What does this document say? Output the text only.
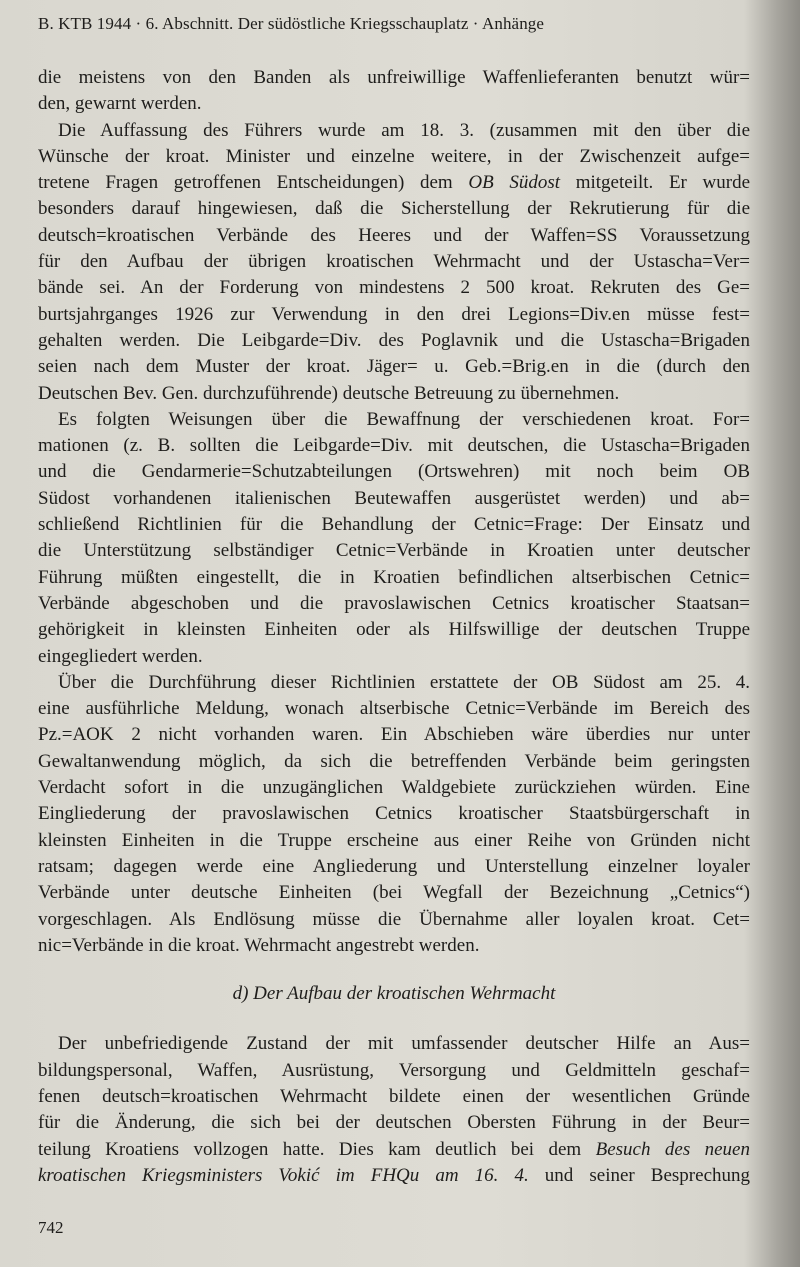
B. KTB 1944 · 6. Abschnitt. Der südöstliche Kriegsschauplatz · Anhänge
die meistens von den Banden als unfreiwillige Waffenlieferanten benutzt wür=
den, gewarnt werden.
Die Auffassung des Führers wurde am 18. 3. (zusammen mit den über die
Wünsche der kroat. Minister und einzelne weitere, in der Zwischenzeit aufge=
tretene Fragen getroffenen Entscheidungen) dem OB Südost mitgeteilt. Er wurde
besonders darauf hingewiesen, daß die Sicherstellung der Rekrutierung für die
deutsch=kroatischen Verbände des Heeres und der Waffen=SS Voraussetzung
für den Aufbau der übrigen kroatischen Wehrmacht und der Ustascha=Ver=
bände sei. An der Forderung von mindestens 2 500 kroat. Rekruten des Ge=
burtsjahrganges 1926 zur Verwendung in den drei Legions=Div.en müsse fest=
gehalten werden. Die Leibgarde=Div. des Poglavnik und die Ustascha=Brigaden
seien nach dem Muster der kroat. Jäger= u. Geb.=Brig.en in die (durch den
Deutschen Bev. Gen. durchzuführende) deutsche Betreuung zu übernehmen.
Es folgten Weisungen über die Bewaffnung der verschiedenen kroat. For=
mationen (z. B. sollten die Leibgarde=Div. mit deutschen, die Ustascha=Brigaden
und die Gendarmerie=Schutzabteilungen (Ortswehren) mit noch beim OB
Südost vorhandenen italienischen Beutewaffen ausgerüstet werden) und ab=
schließend Richtlinien für die Behandlung der Cetnic=Frage: Der Einsatz und
die Unterstützung selbständiger Cetnic=Verbände in Kroatien unter deutscher
Führung müßten eingestellt, die in Kroatien befindlichen altserbischen Cetnic=
Verbände abgeschoben und die pravoslawischen Cetnics kroatischer Staatsan=
gehörigkeit in kleinsten Einheiten oder als Hilfswillige der deutschen Truppe
eingegliedert werden.
Über die Durchführung dieser Richtlinien erstattete der OB Südost am 25. 4.
eine ausführliche Meldung, wonach altserbische Cetnic=Verbände im Bereich des
Pz.=AOK 2 nicht vorhanden waren. Ein Abschieben wäre überdies nur unter
Gewaltanwendung möglich, da sich die betreffenden Verbände beim geringsten
Verdacht sofort in die unzugänglichen Waldgebiete zurückziehen würden. Eine
Eingliederung der pravoslawischen Cetnics kroatischer Staatsbürgerschaft in
kleinsten Einheiten in die Truppe erscheine aus einer Reihe von Gründen nicht
ratsam; dagegen werde eine Angliederung und Unterstellung einzelner loyaler
Verbände unter deutsche Einheiten (bei Wegfall der Bezeichnung „Cetnics“)
vorgeschlagen. Als Endlösung müsse die Übernahme aller loyalen kroat. Cet=
nic=Verbände in die kroat. Wehrmacht angestrebt werden.
d) Der Aufbau der kroatischen Wehrmacht
Der unbefriedigende Zustand der mit umfassender deutscher Hilfe an Aus=
bildungspersonal, Waffen, Ausrüstung, Versorgung und Geldmitteln geschaf=
fenen deutsch=kroatischen Wehrmacht bildete einen der wesentlichen Gründe
für die Änderung, die sich bei der deutschen Obersten Führung in der Beur=
teilung Kroatiens vollzogen hatte. Dies kam deutlich bei dem Besuch des neuen
kroatischen Kriegsministers Vokić im FHQu am 16. 4. und seiner Besprechung
742
